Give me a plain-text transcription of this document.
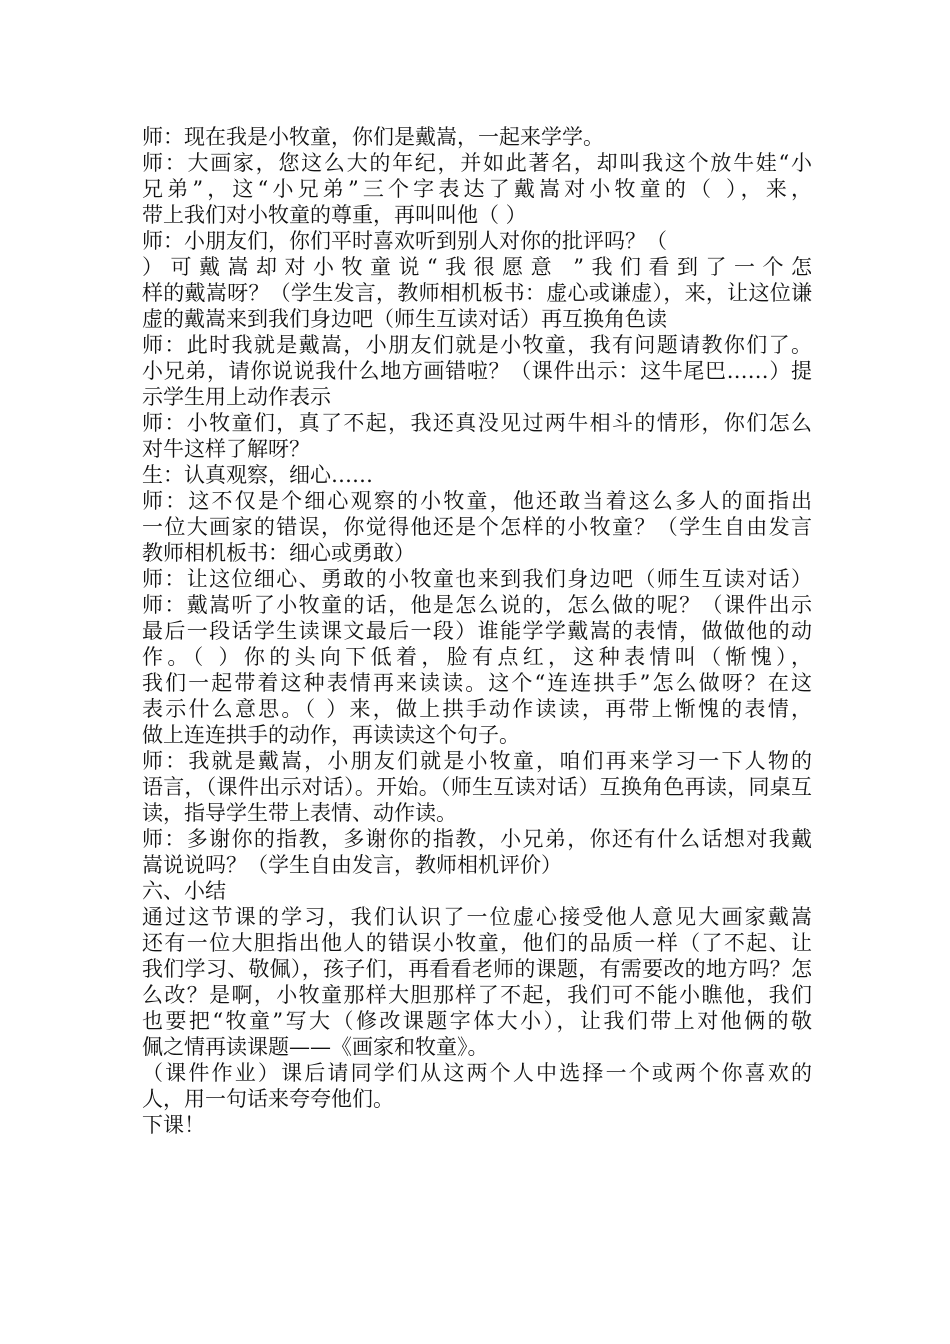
师：现在我是小牧童，你们是戴嵩，一起来学学。
师：大画家，您这么大的年纪，并如此著名，却叫我这个放牛娃“小
兄弟”，这“小兄弟”三个字表达了戴嵩对小牧童的（ ），来，
带上我们对小牧童的尊重，再叫叫他（ ）
师：小朋友们，你们平时喜欢听到别人对你的批评吗？（
）可戴嵩却对小牧童说“我很愿意 ”我们看到了一个怎
样的戴嵩呀？（学生发言，教师相机板书：虚心或谦虚），来，让这位谦
虚的戴嵩来到我们身边吧（师生互读对话）再互换角色读
师：此时我就是戴嵩，小朋友们就是小牧童，我有问题请教你们了。
小兄弟，请你说说我什么地方画错啦？（课件出示：这牛尾巴……）提
示学生用上动作表示
师：小牧童们，真了不起，我还真没见过两牛相斗的情形，你们怎么
对牛这样了解呀？
生：认真观察，细心……
师：这不仅是个细心观察的小牧童，他还敢当着这么多人的面指出
一位大画家的错误，你觉得他还是个怎样的小牧童？（学生自由发言
教师相机板书：细心或勇敢）
师：让这位细心、勇敢的小牧童也来到我们身边吧（师生互读对话）
师：戴嵩听了小牧童的话，他是怎么说的，怎么做的呢？（课件出示
最后一段话学生读课文最后一段）谁能学学戴嵩的表情，做做他的动
作。（ ）你的头向下低着，脸有点红，这种表情叫（惭愧），
我们一起带着这种表情再来读读。这个“连连拱手”怎么做呀？在这
表示什么意思。（ ）来，做上拱手动作读读，再带上惭愧的表情，
做上连连拱手的动作，再读读这个句子。
师：我就是戴嵩，小朋友们就是小牧童，咱们再来学习一下人物的
语言，（课件出示对话）。开始。（师生互读对话）互换角色再读，同桌互
读，指导学生带上表情、动作读。
师：多谢你的指教，多谢你的指教，小兄弟，你还有什么话想对我戴
嵩说说吗？（学生自由发言，教师相机评价）
六、小结
通过这节课的学习，我们认识了一位虚心接受他人意见大画家戴嵩
还有一位大胆指出他人的错误小牧童，他们的品质一样（了不起、让
我们学习、敬佩），孩子们，再看看老师的课题，有需要改的地方吗？怎
么改？是啊，小牧童那样大胆那样了不起，我们可不能小瞧他，我们
也要把“牧童”写大（修改课题字体大小），让我们带上对他俩的敬
佩之情再读课题——《画家和牧童》。
（课件作业）课后请同学们从这两个人中选择一个或两个你喜欢的
人，用一句话来夸夸他们。
下课！
